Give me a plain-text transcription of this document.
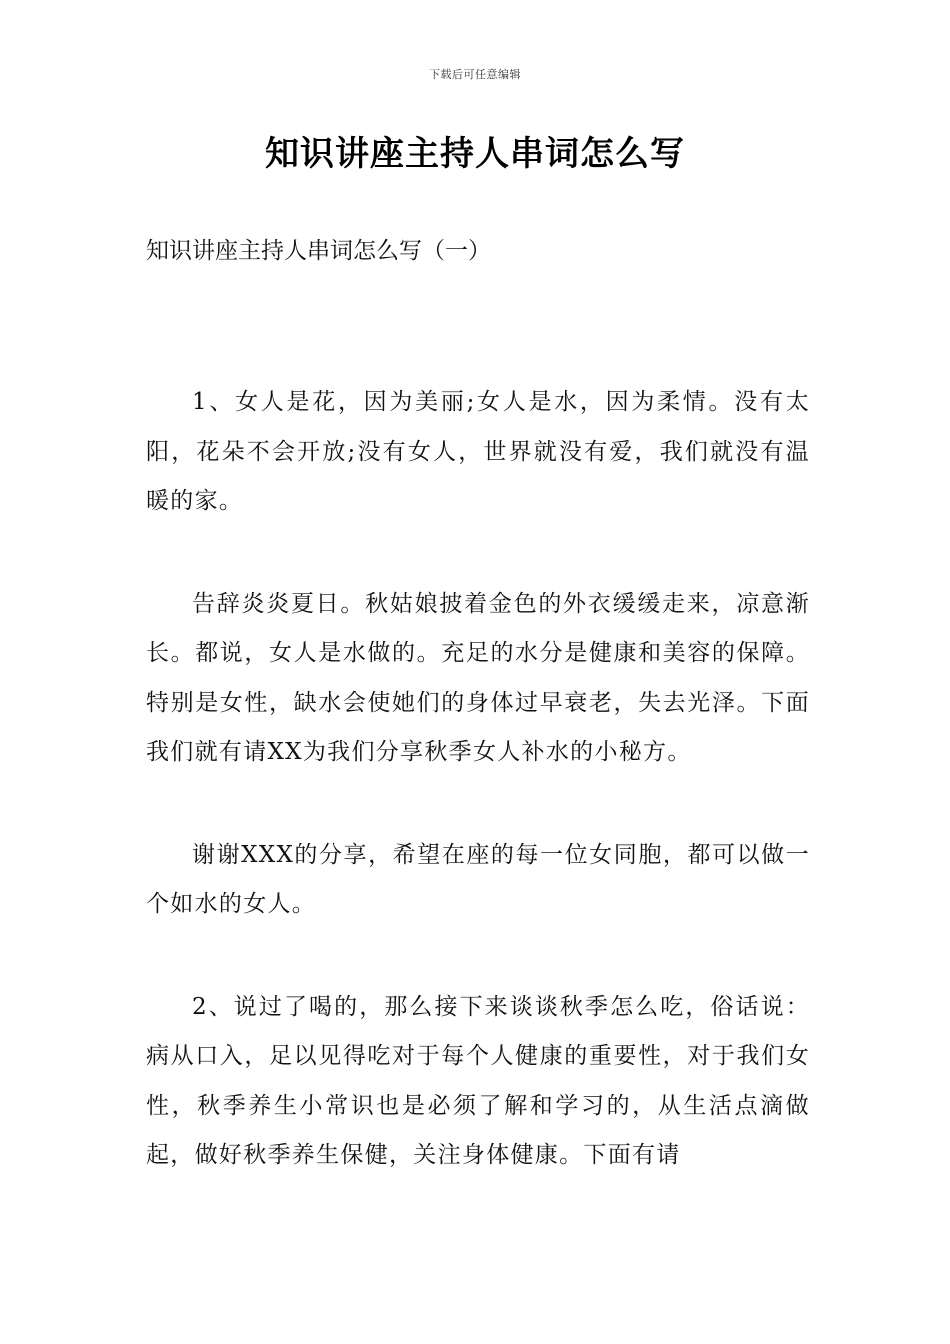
下载后可任意编辑
知识讲座主持人串词怎么写
知识讲座主持人串词怎么写（一）

1、女人是花，因为美丽;女人是水，因为柔情。没有太阳，花朵不会开放;没有女人，世界就没有爱，我们就没有温暖的家。

告辞炎炎夏日。秋姑娘披着金色的外衣缓缓走来，凉意渐长。都说，女人是水做的。充足的水分是健康和美容的保障。特别是女性，缺水会使她们的身体过早衰老，失去光泽。下面我们就有请XX为我们分享秋季女人补水的小秘方。

谢谢XXX的分享，希望在座的每一位女同胞，都可以做一个如水的女人。

2、说过了喝的，那么接下来谈谈秋季怎么吃，俗话说：病从口入，足以见得吃对于每个人健康的重要性，对于我们女性，秋季养生小常识也是必须了解和学习的，从生活点滴做起，做好秋季养生保健，关注身体健康。下面有请
